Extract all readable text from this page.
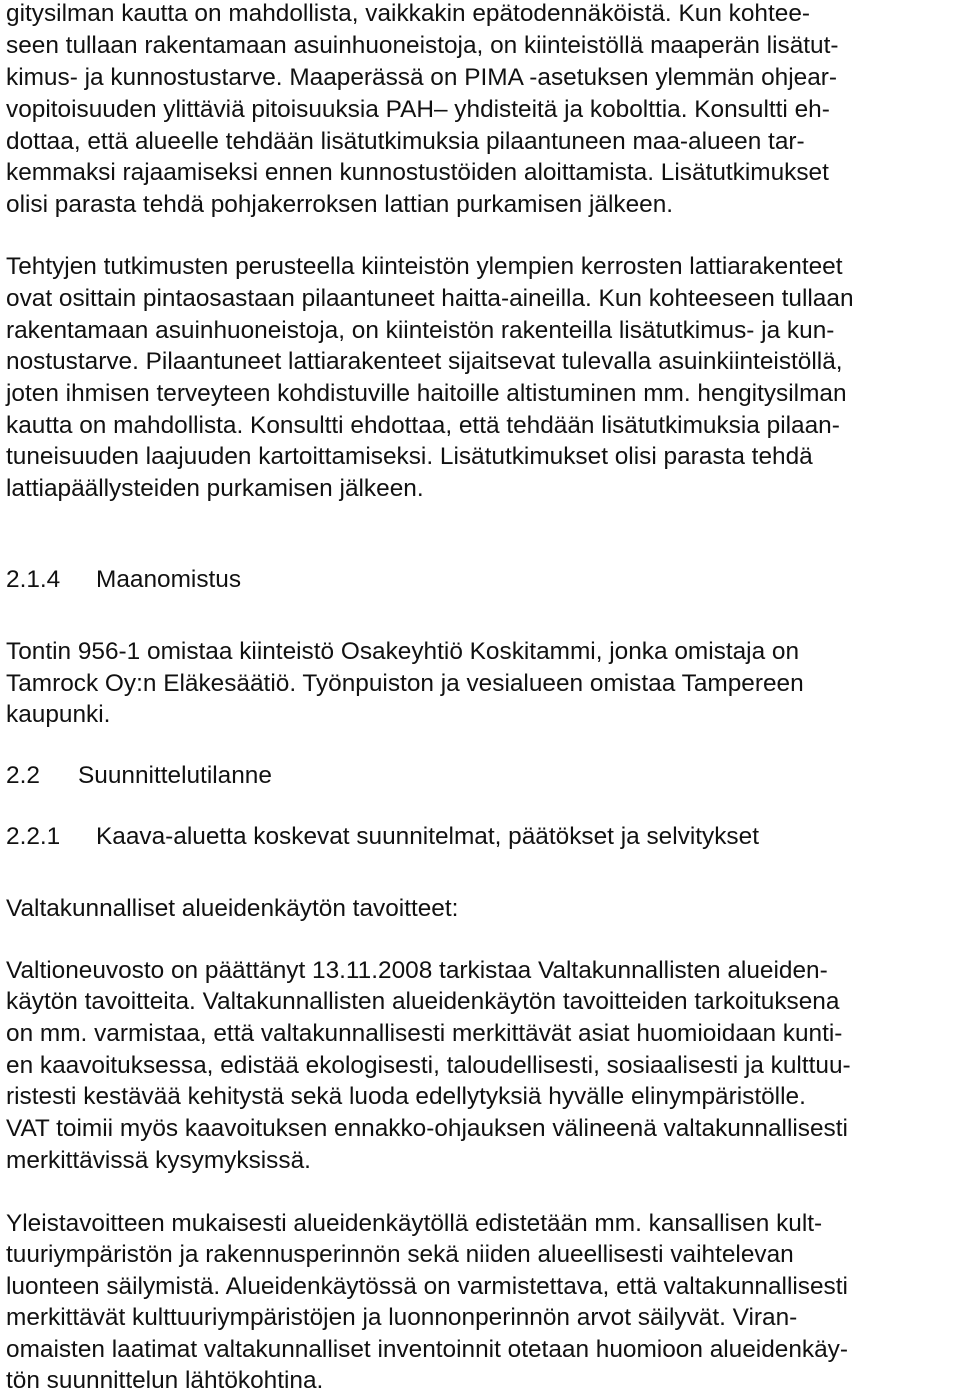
gitysilman kautta on mahdollista, vaikkakin epätodennäköistä. Kun kohtee-
seen tullaan rakentamaan asuinhuoneistoja, on kiinteistöllä maaperän lisätut-
kimus- ja kunnostustarve. Maaperässä on PIMA -asetuksen ylemmän ohjear-
vopitoisuuden ylittäviä pitoisuuksia PAH– yhdisteitä ja kobolttia. Konsultti eh-
dottaa, että alueelle tehdään lisätutkimuksia pilaantuneen maa-alueen tar-
kemmaksi rajaamiseksi ennen kunnostustöiden aloittamista. Lisätutkimukset
olisi parasta tehdä pohjakerroksen lattian purkamisen jälkeen.
Tehtyjen tutkimusten perusteella kiinteistön ylempien kerrosten lattiarakenteet
ovat osittain pintaosastaan pilaantuneet haitta-aineilla. Kun kohteeseen tullaan
rakentamaan asuinhuoneistoja, on kiinteistön rakenteilla lisätutkimus- ja kun-
nostustarve. Pilaantuneet lattiarakenteet sijaitsevat tulevalla asuinkiinteistöllä,
joten ihmisen terveyteen kohdistuville haitoille altistuminen mm. hengitysilman
kautta on mahdollista. Konsultti ehdottaa, että tehdään lisätutkimuksia pilaan-
tuneisuuden laajuuden kartoittamiseksi. Lisätutkimukset olisi parasta tehdä
lattiapäällysteiden purkamisen jälkeen.
2.1.4 Maanomistus
Tontin 956-1 omistaa kiinteistö Osakeyhtiö Koskitammi, jonka omistaja on
Tamrock Oy:n Eläkesäätiö. Työnpuiston ja vesialueen omistaa Tampereen
kaupunki.
2.2 Suunnittelutilanne
2.2.1 Kaava-aluetta koskevat suunnitelmat, päätökset ja selvitykset
Valtakunnalliset alueidenkäytön tavoitteet:
Valtioneuvosto on päättänyt 13.11.2008 tarkistaa Valtakunnallisten alueiden-
käytön tavoitteita. Valtakunnallisten alueidenkäytön tavoitteiden tarkoituksena
on mm. varmistaa, että valtakunnallisesti merkittävät asiat huomioidaan kunti-
en kaavoituksessa, edistää ekologisesti, taloudellisesti, sosiaalisesti ja kulttuu-
ristesti kestävää kehitystä sekä luoda edellytyksiä hyvälle elinympäristölle.
VAT toimii myös kaavoituksen ennakko-ohjauksen välineenä valtakunnallisesti
merkittävissä kysymyksissä.
Yleistavoitteen mukaisesti alueidenkäytöllä edistetään mm. kansallisen kult-
tuuriympäristön ja rakennusperinnön sekä niiden alueellisesti vaihtelevan
luonteen säilymistä. Alueidenkäytössä on varmistettava, että valtakunnallisesti
merkittävät kulttuuriympäristöjen ja luonnonperinnön arvot säilyvät. Viran-
omaisten laatimat valtakunnalliset inventoinnit otetaan huomioon alueidenkäy-
tön suunnittelun lähtökohtina.
